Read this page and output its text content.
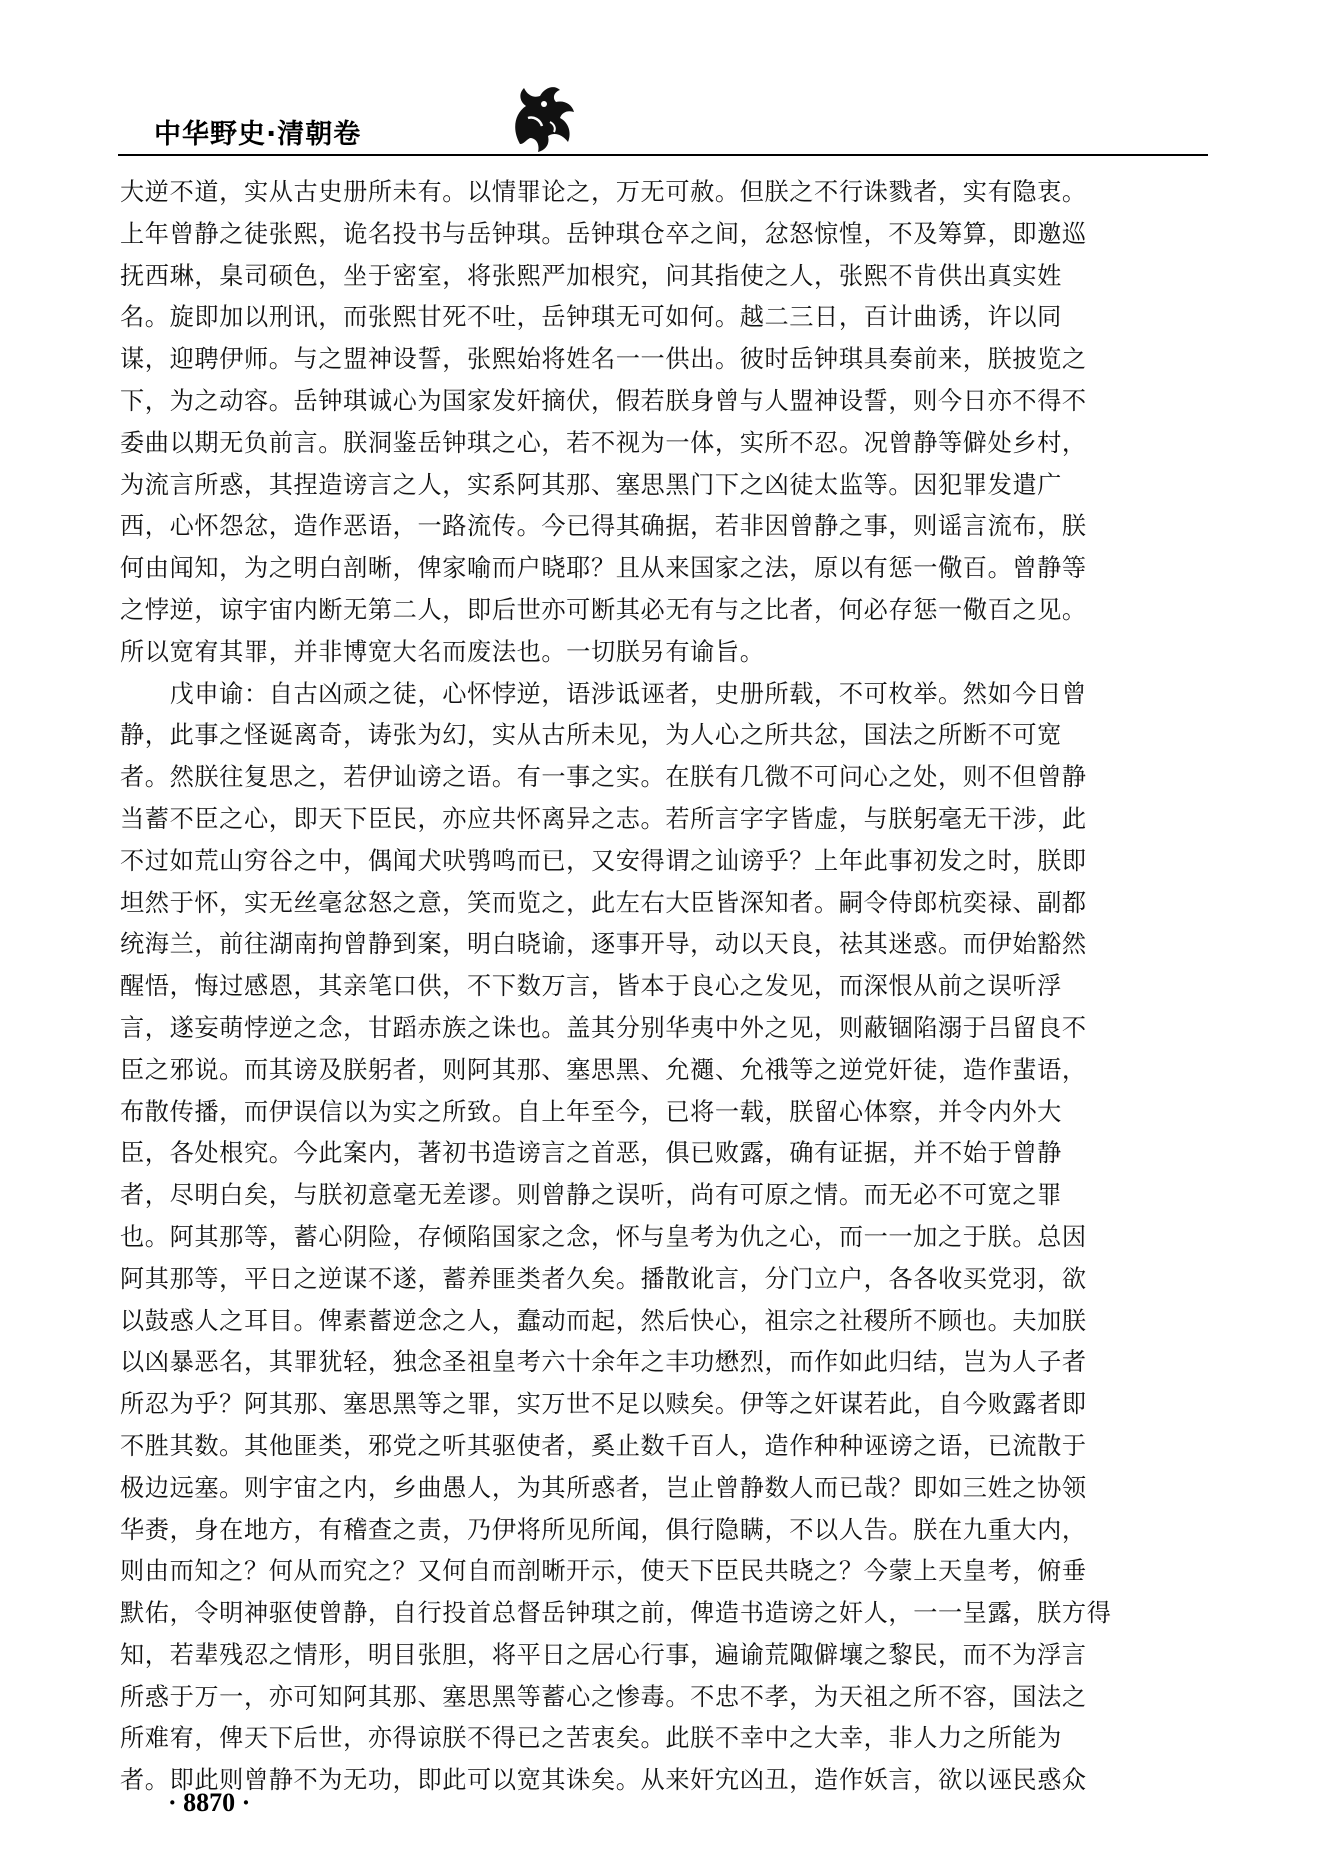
中华野史·清朝卷
大逆不道，实从古史册所未有。以情罪论之，万无可赦。但朕之不行诛戮者，实有隐衷。
上年曾静之徒张熙，诡名投书与岳钟琪。岳钟琪仓卒之间，忿怒惊惶，不及筹算，即邀巡
抚西琳，臬司硕色，坐于密室，将张熙严加根究，问其指使之人，张熙不肯供出真实姓
名。旋即加以刑讯，而张熙甘死不吐，岳钟琪无可如何。越二三日，百计曲诱，许以同
谋，迎聘伊师。与之盟神设誓，张熙始将姓名一一供出。彼时岳钟琪具奏前来，朕披览之
下，为之动容。岳钟琪诚心为国家发奸摘伏，假若朕身曾与人盟神设誓，则今日亦不得不
委曲以期无负前言。朕洞鉴岳钟琪之心，若不视为一体，实所不忍。况曾静等僻处乡村，
为流言所惑，其捏造谤言之人，实系阿其那、塞思黑门下之凶徒太监等。因犯罪发遣广
西，心怀怨忿，造作恶语，一路流传。今已得其确据，若非因曾静之事，则谣言流布，朕
何由闻知，为之明白剖晰，俾家喻而户晓耶？且从来国家之法，原以有惩一儆百。曾静等
之悖逆，谅宇宙内断无第二人，即后世亦可断其必无有与之比者，何必存惩一儆百之见。
所以宽宥其罪，并非博宽大名而废法也。一切朕另有谕旨。
　　戊申谕：自古凶顽之徒，心怀悖逆，语涉诋诬者，史册所载，不可枚举。然如今日曾
静，此事之怪诞离奇，诪张为幻，实从古所未见，为人心之所共忿，国法之所断不可宽
者。然朕往复思之，若伊讪谤之语。有一事之实。在朕有几微不可问心之处，则不但曾静
当蓄不臣之心，即天下臣民，亦应共怀离异之志。若所言字字皆虚，与朕躬毫无干涉，此
不过如荒山穷谷之中，偶闻犬吠鸮鸣而已，又安得谓之讪谤乎？上年此事初发之时，朕即
坦然于怀，实无丝毫忿怒之意，笑而览之，此左右大臣皆深知者。嗣令侍郎杭奕禄、副都
统海兰，前往湖南拘曾静到案，明白晓谕，逐事开导，动以天良，祛其迷惑。而伊始豁然
醒悟，悔过感恩，其亲笔口供，不下数万言，皆本于良心之发见，而深恨从前之误听浮
言，遂妄萌悖逆之念，甘蹈赤族之诛也。盖其分别华夷中外之见，则蔽锢陷溺于吕留良不
臣之邪说。而其谤及朕躬者，则阿其那、塞思黑、允禵、允䄉等之逆党奸徒，造作蜚语，
布散传播，而伊误信以为实之所致。自上年至今，已将一载，朕留心体察，并令内外大
臣，各处根究。今此案内，著初书造谤言之首恶，俱已败露，确有证据，并不始于曾静
者，尽明白矣，与朕初意毫无差谬。则曾静之误听，尚有可原之情。而无必不可宽之罪
也。阿其那等，蓄心阴险，存倾陷国家之念，怀与皇考为仇之心，而一一加之于朕。总因
阿其那等，平日之逆谋不遂，蓄养匪类者久矣。播散讹言，分门立户，各各收买党羽，欲
以鼓惑人之耳目。俾素蓄逆念之人，蠢动而起，然后快心，祖宗之社稷所不顾也。夫加朕
以凶暴恶名，其罪犹轻，独念圣祖皇考六十余年之丰功懋烈，而作如此归结，岂为人子者
所忍为乎？阿其那、塞思黑等之罪，实万世不足以赎矣。伊等之奸谋若此，自今败露者即
不胜其数。其他匪类，邪党之听其驱使者，奚止数千百人，造作种种诬谤之语，已流散于
极边远塞。则宇宙之内，乡曲愚人，为其所惑者，岂止曾静数人而已哉？即如三姓之协领
华赉，身在地方，有稽查之责，乃伊将所见所闻，俱行隐瞒，不以人告。朕在九重大内，
则由而知之？何从而究之？又何自而剖晰开示，使天下臣民共晓之？今蒙上天皇考，俯垂
默佑，令明神驱使曾静，自行投首总督岳钟琪之前，俾造书造谤之奸人，一一呈露，朕方得
知，若辈残忍之情形，明目张胆，将平日之居心行事，遍谕荒陬僻壤之黎民，而不为浮言
所惑于万一，亦可知阿其那、塞思黑等蓄心之惨毒。不忠不孝，为天祖之所不容，国法之
所难宥，俾天下后世，亦得谅朕不得已之苦衷矣。此朕不幸中之大幸，非人力之所能为
者。即此则曾静不为无功，即此可以宽其诛矣。从来奸宄凶丑，造作妖言，欲以诬民惑众
· 8870 ·
